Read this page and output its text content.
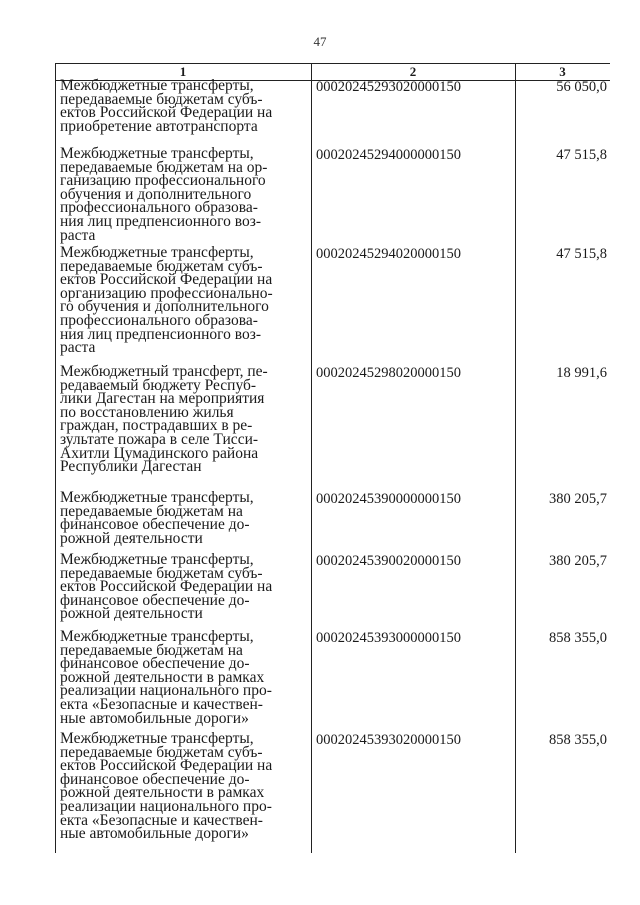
47
1	2	3
Межбюджетные трансферты,
передаваемые бюджетам субъ-
ектов Российской Федерации на
приобретение автотранспорта
00020245293020000150	56 050,0
Межбюджетные трансферты,
передаваемые бюджетам на ор-
ганизацию профессионального
обучения и дополнительного
профессионального образова-
ния лиц предпенсионного воз-
раста
00020245294000000150	47 515,8
Межбюджетные трансферты,
передаваемые бюджетам субъ-
ектов Российской Федерации на
организацию профессионально-
го обучения и дополнительного
профессионального образова-
ния лиц предпенсионного воз-
раста
00020245294020000150	47 515,8
Межбюджетный трансферт, пе-
редаваемый бюджету Респуб-
лики Дагестан на мероприятия
по восстановлению жилья
граждан, пострадавших в ре-
зультате пожара в селе Тисси-
Ахитли Цумадинского района
Республики Дагестан
00020245298020000150	18 991,6
Межбюджетные трансферты,
передаваемые бюджетам на
финансовое обеспечение до-
рожной деятельности
00020245390000000150	380 205,7
Межбюджетные трансферты,
передаваемые бюджетам субъ-
ектов Российской Федерации на
финансовое обеспечение до-
рожной деятельности
00020245390020000150	380 205,7
Межбюджетные трансферты,
передаваемые бюджетам на
финансовое обеспечение до-
рожной деятельности в рамках
реализации национального про-
екта «Безопасные и качествен-
ные автомобильные дороги»
00020245393000000150	858 355,0
Межбюджетные трансферты,
передаваемые бюджетам субъ-
ектов Российской Федерации на
финансовое обеспечение до-
рожной деятельности в рамках
реализации национального про-
екта «Безопасные и качествен-
ные автомобильные дороги»
00020245393020000150	858 355,0
